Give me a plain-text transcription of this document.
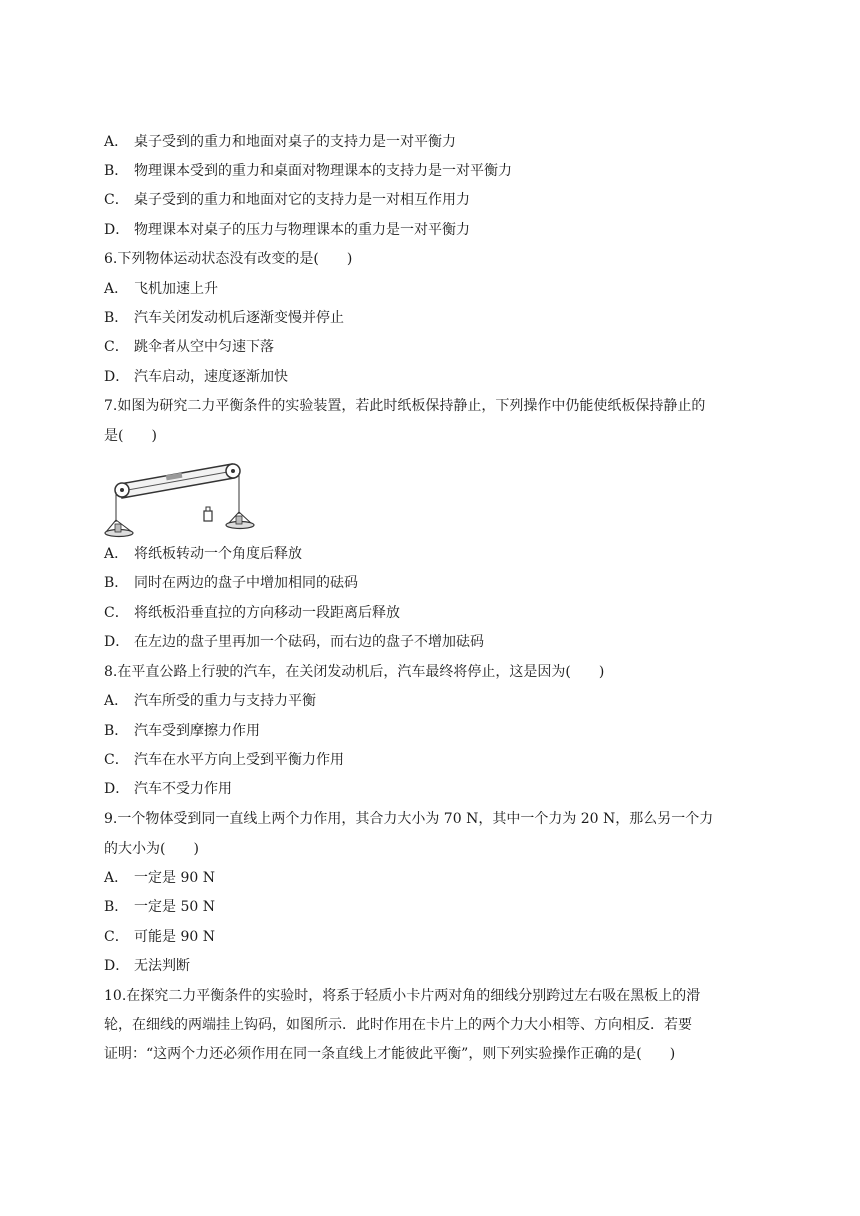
A． 桌子受到的重力和地面对桌子的支持力是一对平衡力
B． 物理课本受到的重力和桌面对物理课本的支持力是一对平衡力
C． 桌子受到的重力和地面对它的支持力是一对相互作用力
D． 物理课本对桌子的压力与物理课本的重力是一对平衡力
6.下列物体运动状态没有改变的是(　　)
A． 飞机加速上升
B． 汽车关闭发动机后逐渐变慢并停止
C． 跳伞者从空中匀速下落
D． 汽车启动，速度逐渐加快
7.如图为研究二力平衡条件的实验装置，若此时纸板保持静止，下列操作中仍能使纸板保持静止的
是(　　)
A． 将纸板转动一个角度后释放
B． 同时在两边的盘子中增加相同的砝码
C． 将纸板沿垂直拉的方向移动一段距离后释放
D． 在左边的盘子里再加一个砝码，而右边的盘子不增加砝码
8.在平直公路上行驶的汽车，在关闭发动机后，汽车最终将停止，这是因为(　　)
A． 汽车所受的重力与支持力平衡
B． 汽车受到摩擦力作用
C． 汽车在水平方向上受到平衡力作用
D． 汽车不受力作用
9.一个物体受到同一直线上两个力作用，其合力大小为 70 N，其中一个力为 20 N，那么另一个力
的大小为(　　)
A． 一定是 90 N
B． 一定是 50 N
C． 可能是 90 N
D． 无法判断
10.在探究二力平衡条件的实验时，将系于轻质小卡片两对角的细线分别跨过左右吸在黑板上的滑
轮，在细线的两端挂上钩码，如图所示．此时作用在卡片上的两个力大小相等、方向相反．若要
证明：“这两个力还必须作用在同一条直线上才能彼此平衡”，则下列实验操作正确的是(　　)
